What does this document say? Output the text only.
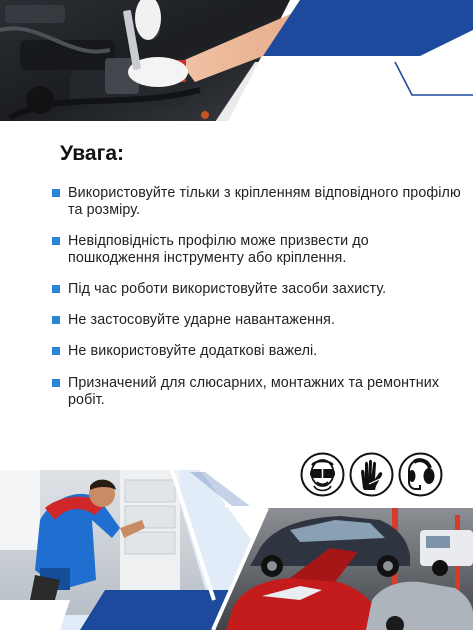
Увага:
Використовуйте тільки з кріпленням відповідного профілю та розміру.
Невідповідність профілю може призвести до пошкодження інструменту або кріплення.
Під час роботи використовуйте засоби захисту.
Не застосовуйте ударне навантаження.
Не використовуйте додаткові важелі.
Призначений для слюсарних, монтажних та ремонтних робіт.
